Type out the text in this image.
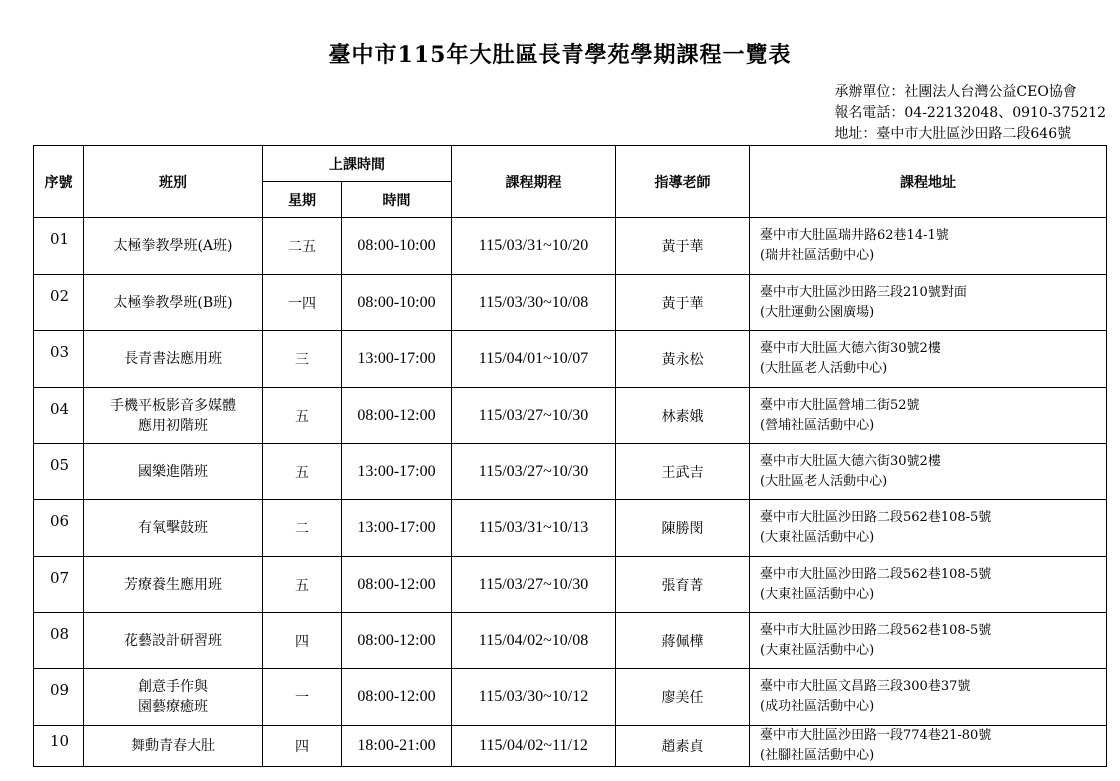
臺中市115年大肚區長青學苑學期課程一覽表
承辦單位：社團法人台灣公益CEO協會
報名電話：04-22132048、0910-375212
地址：臺中市大肚區沙田路二段646號
序號	班別	上課時間		課程期程	指導老師	課程地址
		星期	時間			
01	太極拳教學班(A班)	二五	08:00-10:00	115/03/31~10/20	黃于華	臺中市大肚區瑞井路62巷14-1號
(瑞井社區活動中心)

02	太極拳教學班(B班)	一四	08:00-10:00	115/03/30~10/08	黃于華	臺中市大肚區沙田路三段210號對面
(大肚運動公園廣場)

03	長青書法應用班	三	13:00-17:00	115/04/01~10/07	黃永松	臺中市大肚區大德六街30號2樓
(大肚區老人活動中心)

04	手機平板影音多媒體
應用初階班	五	08:00-12:00	115/03/27~10/30	林素娥	臺中市大肚區營埔二街52號
(營埔社區活動中心)

05	國樂進階班	五	13:00-17:00	115/03/27~10/30	王武吉	臺中市大肚區大德六街30號2樓
(大肚區老人活動中心)

06	有氧擊鼓班	二	13:00-17:00	115/03/31~10/13	陳勝閔	臺中市大肚區沙田路二段562巷108-5號
(大東社區活動中心)

07	芳療養生應用班	五	08:00-12:00	115/03/27~10/30	張育菁	臺中市大肚區沙田路二段562巷108-5號
(大東社區活動中心)

08	花藝設計研習班	四	08:00-12:00	115/04/02~10/08	蔣佩樺	臺中市大肚區沙田路二段562巷108-5號
(大東社區活動中心)

09	創意手作與
園藝療癒班	一	08:00-12:00	115/03/30~10/12	廖美任	臺中市大肚區文昌路三段300巷37號
(成功社區活動中心)

10	舞動青春大肚	四	18:00-21:00	115/04/02~11/12	趙素貞	臺中市大肚區沙田路一段774巷21-80號
(社腳社區活動中心)
